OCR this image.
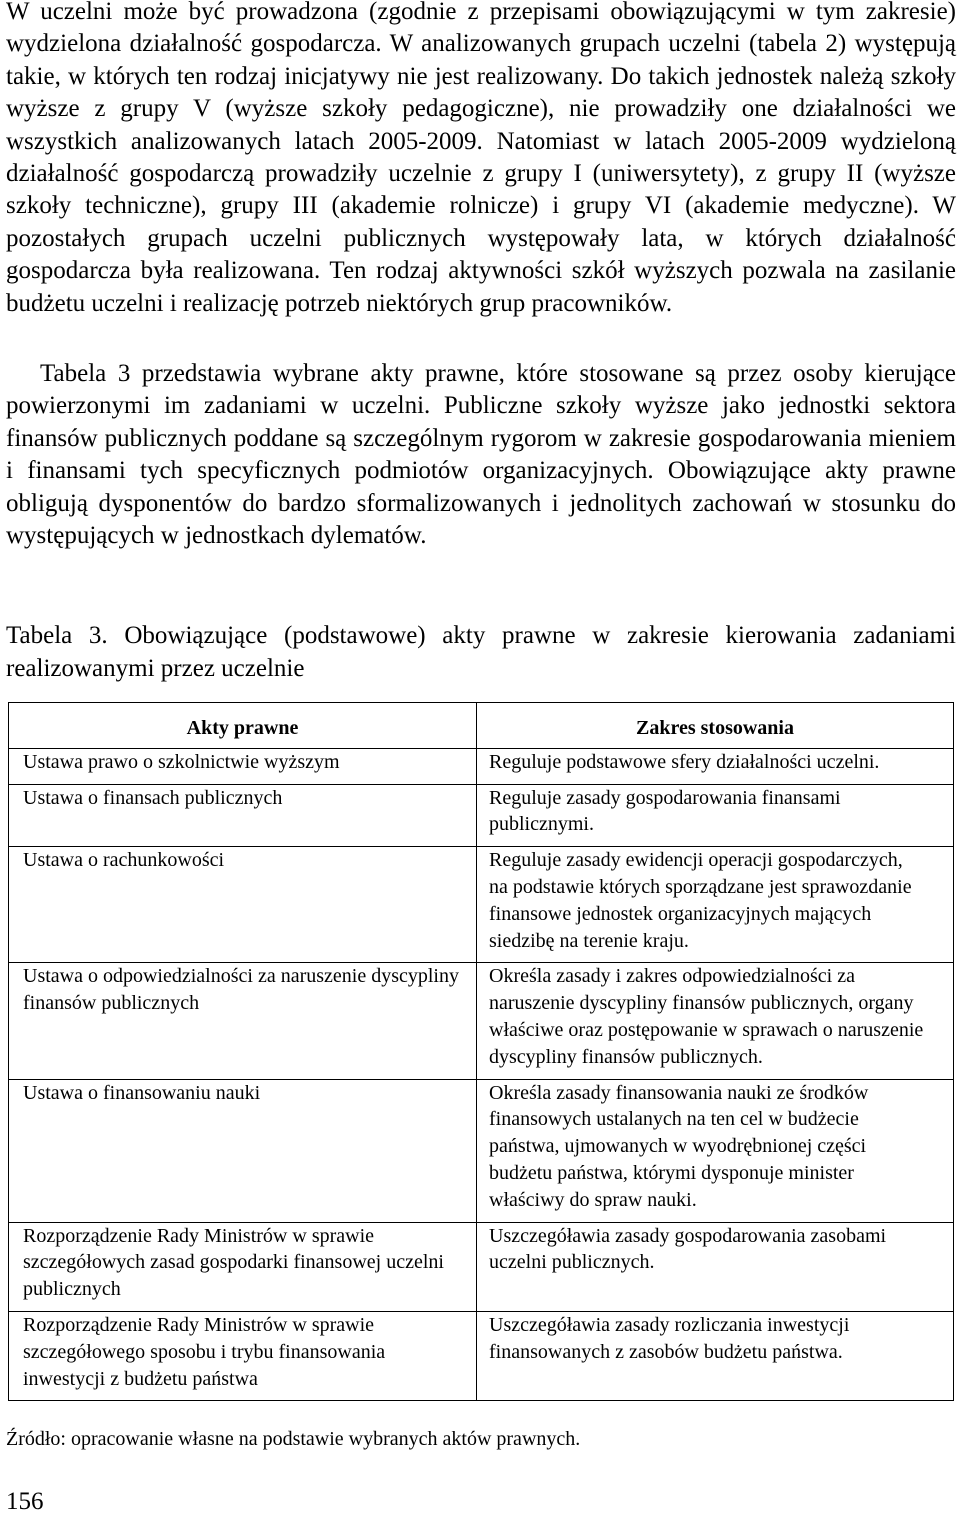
W uczelni może być prowadzona (zgodnie z przepisami obowiązującymi w tym zakresie) wydzielona działalność gospodarcza. W analizowanych grupach uczelni (tabela 2) występują takie, w których ten rodzaj inicjatywy nie jest realizowany. Do takich jednostek należą szkoły wyższe z grupy V (wyższe szkoły pedagogiczne), nie prowadziły one działalności we wszystkich analizowanych latach 2005-2009. Natomiast w latach 2005-2009 wydzieloną działalność gospodarczą prowadziły uczelnie z grupy I (uniwersytety), z grupy II (wyższe szkoły techniczne), grupy III (akademie rolnicze) i grupy VI (akademie medyczne). W pozostałych grupach uczelni publicznych występowały lata, w których działalność gospodarcza była realizowana. Ten rodzaj aktywności szkół wyższych pozwala na zasilanie budżetu uczelni i realizację potrzeb niektórych grup pracowników.

Tabela 3 przedstawia wybrane akty prawne, które stosowane są przez osoby kierujące powierzonymi im zadaniami w uczelni. Publiczne szkoły wyższe jako jednostki sektora finansów publicznych poddane są szczególnym rygorom w zakresie gospodarowania mieniem i finansami tych specyficznych podmiotów organizacyjnych. Obowiązujące akty prawne obligują dysponentów do bardzo sformalizowanych i jednolitych zachowań w stosunku do występujących w jednostkach dylematów.

Tabela 3. Obowiązujące (podstawowe) akty prawne w zakresie kierowania zadaniami realizowanymi przez uczelnie

Akty prawne	Zakres stosowania
Ustawa prawo o szkolnictwie wyższym	Reguluje podstawowe sfery działalności uczelni.
Ustawa o finansach publicznych	Reguluje zasady gospodarowania finansami publicznymi.
Ustawa o rachunkowości	Reguluje zasady ewidencji operacji gospodarczych, na podstawie których sporządzane jest sprawozdanie finansowe jednostek organizacyjnych mających siedzibę na terenie kraju.
Ustawa o odpowiedzialności za naruszenie dyscypliny finansów publicznych	Określa zasady i zakres odpowiedzialności za naruszenie dyscypliny finansów publicznych, organy właściwe oraz postępowanie w sprawach o naruszenie dyscypliny finansów publicznych.
Ustawa o finansowaniu nauki	Określa zasady finansowania nauki ze środków finansowych ustalanych na ten cel w budżecie państwa, ujmowanych w wyodrębnionej części budżetu państwa, którymi dysponuje minister właściwy do spraw nauki.
Rozporządzenie Rady Ministrów w sprawie szczegółowych zasad gospodarki finansowej uczelni publicznych	Uszczegóławia zasady gospodarowania zasobami uczelni publicznych.
Rozporządzenie Rady Ministrów w sprawie szczegółowego sposobu i trybu finansowania inwestycji z budżetu państwa	Uszczegóławia zasady rozliczania inwestycji finansowanych z zasobów budżetu państwa.

Źródło: opracowanie własne na podstawie wybranych aktów prawnych.

156
